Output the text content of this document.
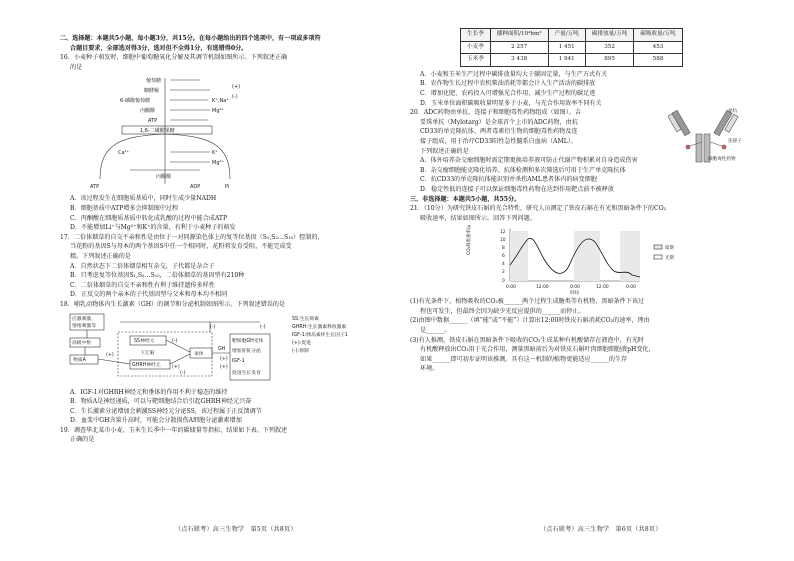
二、选择题：本题共5小题，每小题3分，共15分。在每小题给出的四个选项中，有一项或多项符
合题目要求，全部选对得3分，选对但不全得1分，有选错得0分。
16．小麦种子萌发时，细胞中葡萄糖氧化分解及其调节机制如图所示。下列叙述正确
的是
葡萄糖
糖酵解
6-磷酸葡萄糖
丙酮酸
ATP
K⁺,Na⁺
Mg²⁺
1,6-二磷酸果糖
Ca²⁺	K⁺
Mg²⁺
丙酮酸
ATP	ADP	Pi
(+)
(-)
A．该过程发生在细胞质基质中，同时生成少量NADH
B．细胞基质中ATP增多会抑制图中过程
C．丙酮酸在细胞质基质中转化成乳酸的过程中能合成ATP
D．不能增加Li⁺与Mg²⁺和K⁺的含量，有利于小麦种子的萌发
17．二倍体烟草的自交不亲和性是由位于一对同源染色体上的复等位基因（S₁,S₂…S₁₅）控制的，
当花粉的基因S与母本的两个基因S中任一个相同时，花粉将发育受阻，不能完成受
精。下列叙述正确的是
A．自然状态下二倍体烟草相互杂交，子代都是杂合子
B．只考虑复等位基因S₁,S₂…S₁₅，二倍体烟草的基因型有210种
C．二倍体烟草的自交不亲和性有利于维持遗传多样性
D．正反交的两个亲本的子代基因型与父本和母本均不相同
18．哺乳动物体内生长激素（GH）的调节和分泌机制如图所示。下列叙述错误的是
应激刺激、
情绪刺激等
高级中枢
物质A
SS神经元
下丘脑
GHRH神经元
(+)
(-)
(-)
(+)
垂体
GH
(+)
(-)
(+)
靶细胞GH受体
增加肝脏分泌
IGF-1
促进生长发育
(-)
SS:生长抑素
GHRH:生长激素释放激素
IGF-1:胰岛素样生长因子1
(+):促进
(-):抑制
A．IGF-1对GHRH神经元和垂体的作用不利于稳态的维持
B．物质A是神经递质，可以与靶细胞结合后引起GHRH神经元兴奋
C．生长激素分泌增加会刺激SS神经元分泌SS，该过程属于正反馈调节
D．血浆中GH含量升高时，可能会分散损伤A细胞分泌激素增加
19．调查华北某市小麦、玉米生长季中一年的碳储量等指标，结果如下表。下列叙述
正确的是
（点石联考）高三生物学　第5页（共8页）
生长季	播种面积/10⁴hm²	产量/万吨	碳排放量/万吨	碳吸收量/万吨
小麦季	2 257	1 451	352	453
玉米季	3 438	1 941	895	588
A．小麦和玉米生产过程中碳排放量均大于碳固定量，与生产方式有关
B．农作物生长过程中农机柴油消耗等都会计入生产活动的碳排放
C．增加化肥、农药投入可增强光合作用，减少生产过程的碳足迹
D．玉米单位面积碳吸收量明显多于小麦，与光合作用效率不同有关
20．ADC药物由单抗、连接子和细胞毒性药物组成（如图）。吉
妥珠单抗（Mylotarg）是全球首个上市的ADC药物，由抗
CD33的单克隆抗体、两者毒素衍生物的细胞毒性药物及连
接子组成，用于治疗CD33阳性急性髓系白血病（AML）。
下列叙述正确的是
单抗
连接子
细胞毒性药物
A．体外培养杂交瘤细胞时需定期更换培养液可防止代谢产物积累对自身造成伤害
B．杂交瘤细胞能克隆化培养、抗体检测和多次筛选后可用于生产单克隆抗体
C．抗CD33的单克隆抗体能识别并杀伤AML患者体内的病变细胞
D．稳定性低的连接子可以保证细胞毒性药物在达到作用靶点前不被释放
三、非选择题：本题共5小题，共55分。
21．（10分）为研究铁皮石斛的光合特性，研究人员测定了铁皮石斛在有光和黑暗条件下的CO₂
吸收速率，结果如图所示。回答下列问题。
CO₂吸收速率(μmol·m⁻²·s⁻¹)	12
10
8
6
4
2
0
0:00	12:00	0:00	12:00	0:00
时间
暗期
光期
(1)有光条件下，植物吸收的CO₂被______两个过程生成糖类等有机物，黑暗条件下该过
程也可发生，但最终会因为缺少光反应提供的______而停止。
(2)由图中数据______（填“能”或“不能”）计算出12:00时铁皮石斛消耗CO₂的速率，理由
是______。
(3)有人推测，铁皮石斛在黑暗条件下吸收的CO₂生成某种有机酸储存在液泡中，有光时
有机酸释放出CO₂用于光合作用，测量黑暗前后为对铁皮石斛叶肉细胞细胞液pH变化，
如果______即可初步证明该推测。具有这一机制的植物更能适应______的生存
环境。
（点石联考）高三生物学　第6页（共8页）
